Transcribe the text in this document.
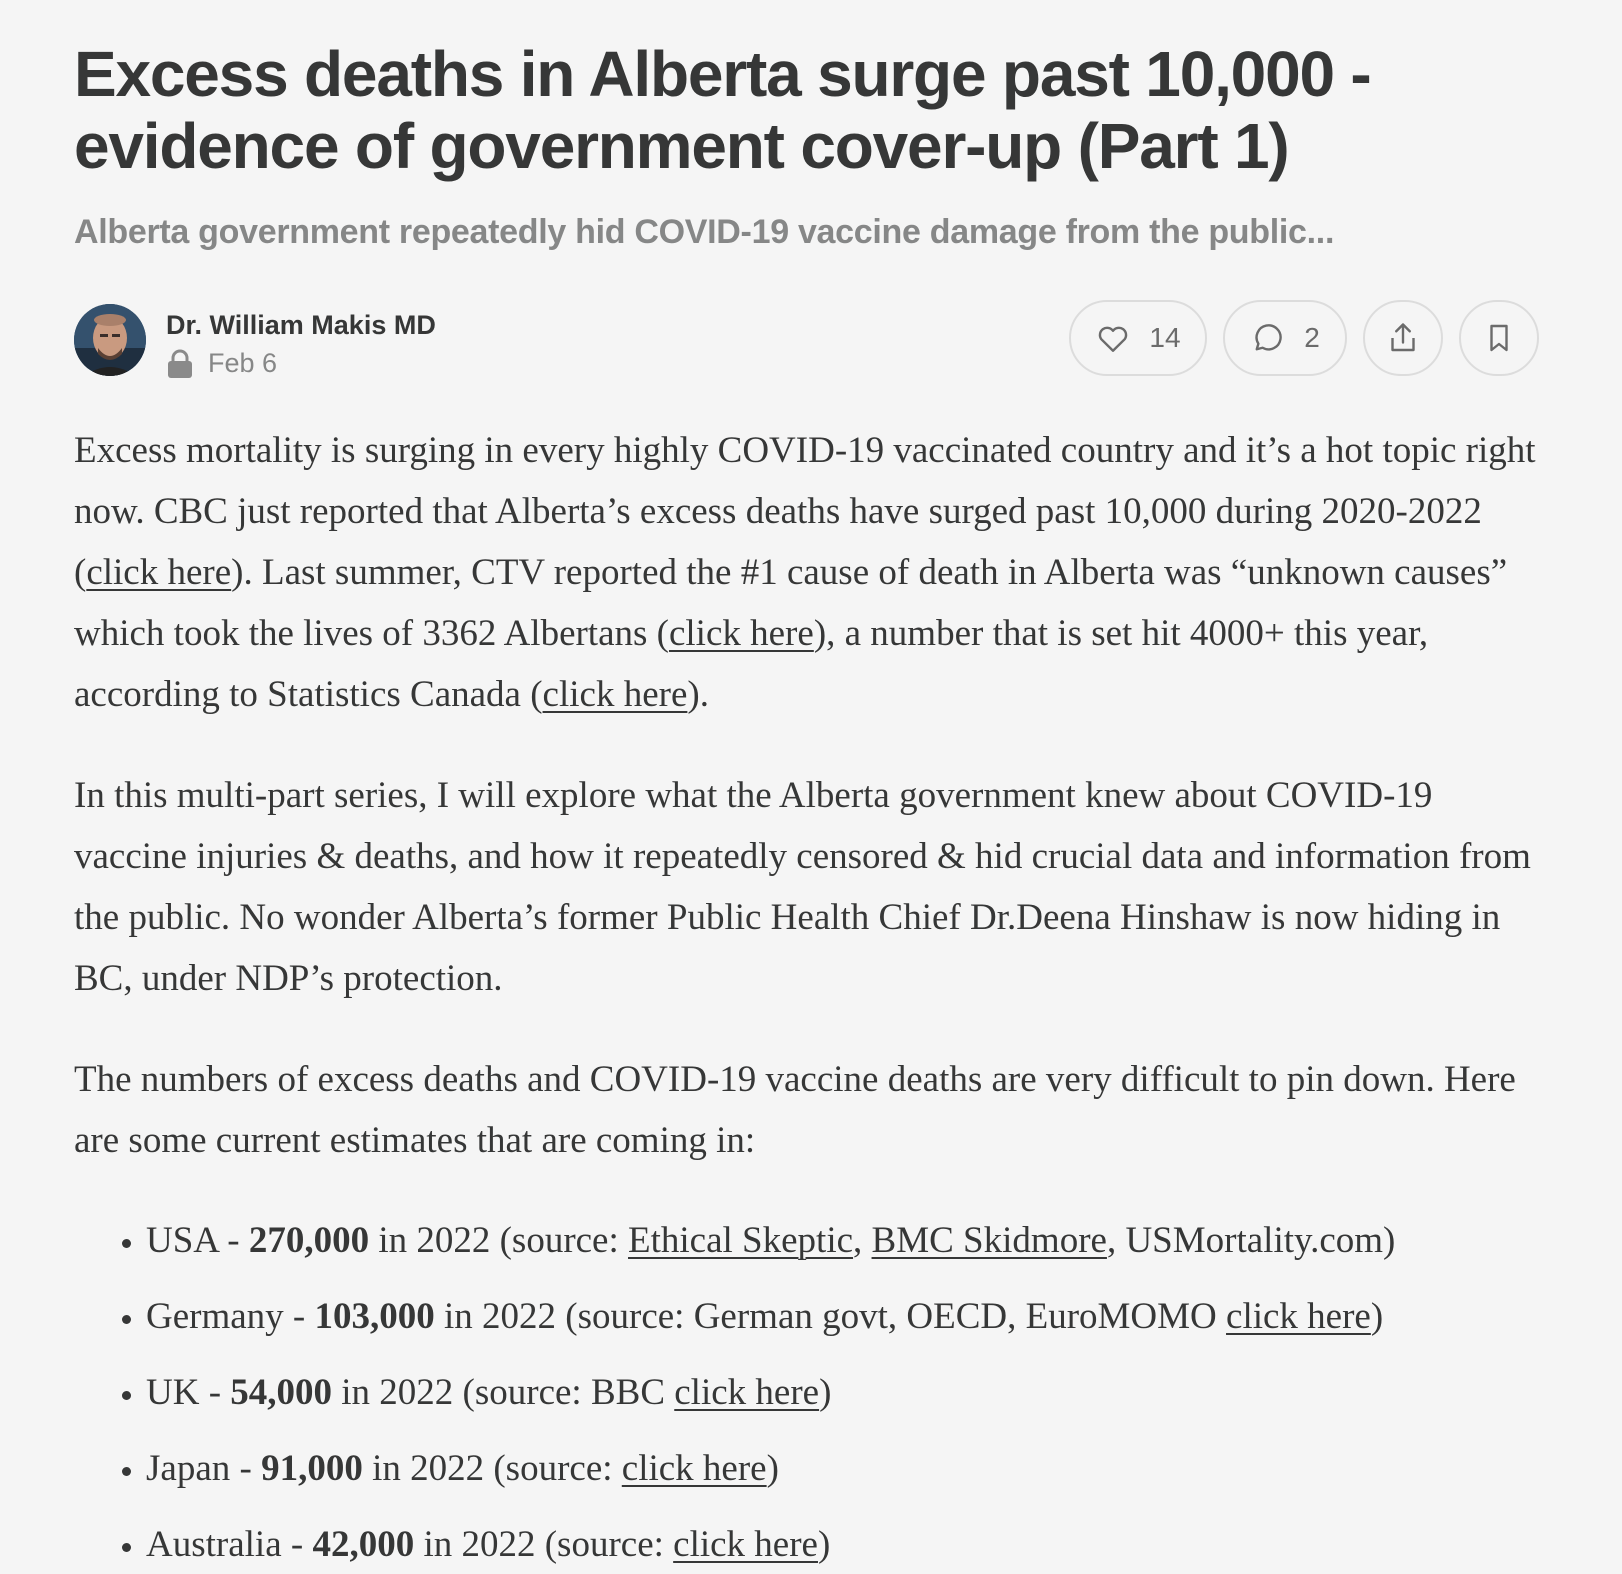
Excess deaths in Alberta surge past 10,000 - evidence of government cover-up (Part 1)
Alberta government repeatedly hid COVID-19 vaccine damage from the public...

Dr. William Makis MD

Feb 6
14	2

Excess mortality is surging in every highly COVID-19 vaccinated country and it’s a hot topic right now. CBC just reported that Alberta’s excess deaths have surged past 10,000 during 2020-2022 (click here). Last summer, CTV reported the #1 cause of death in Alberta was “unknown causes” which took the lives of 3362 Albertans (click here), a number that is set hit 4000+ this year, according to Statistics Canada (click here).

In this multi-part series, I will explore what the Alberta government knew about COVID-19 vaccine injuries & deaths, and how it repeatedly censored & hid crucial data and information from the public. No wonder Alberta’s former Public Health Chief Dr.Deena Hinshaw is now hiding in BC, under NDP’s protection.

The numbers of excess deaths and COVID-19 vaccine deaths are very difficult to pin down. Here are some current estimates that are coming in:

• USA - 270,000 in 2022 (source: Ethical Skeptic, BMC Skidmore, USMortality.com)
• Germany - 103,000 in 2022 (source: German govt, OECD, EuroMOMO click here)
• UK - 54,000 in 2022 (source: BBC click here)
• Japan - 91,000 in 2022 (source: click here)
• Australia - 42,000 in 2022 (source: click here)
